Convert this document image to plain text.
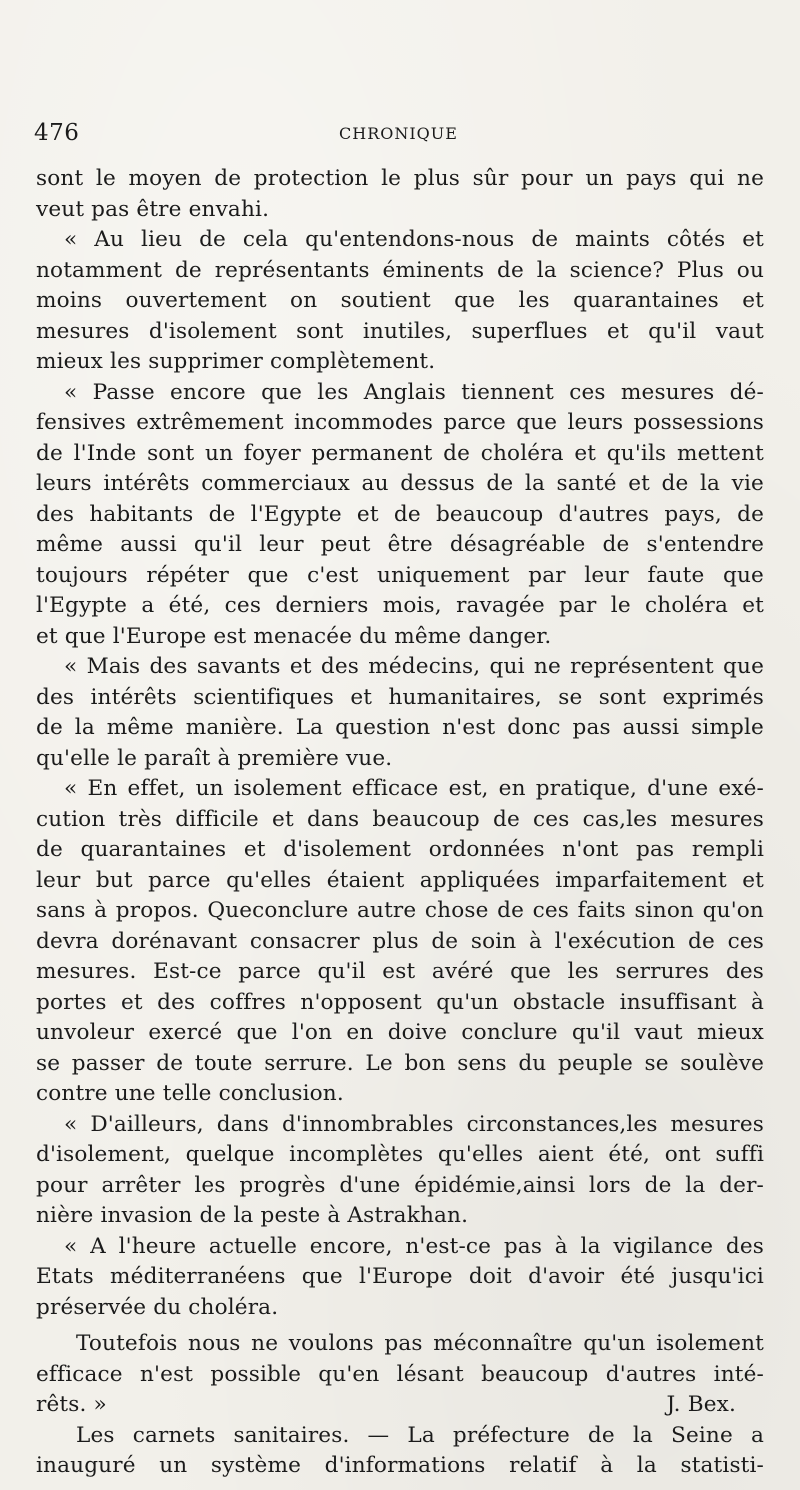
476	CHRONIQUE
sont le moyen de protection le plus sûr pour un pays qui ne
veut pas être envahi.
« Au lieu de cela qu'entendons-nous de maints côtés et
notamment de représentants éminents de la science? Plus ou
moins ouvertement on soutient que les quarantaines et
mesures d'isolement sont inutiles, superflues et qu'il vaut
mieux les supprimer complètement.
« Passe encore que les Anglais tiennent ces mesures dé-
fensives extrêmement incommodes parce que leurs possessions
de l'Inde sont un foyer permanent de choléra et qu'ils mettent
leurs intérêts commerciaux au dessus de la santé et de la vie
des habitants de l'Egypte et de beaucoup d'autres pays, de
même aussi qu'il leur peut être désagréable de s'entendre
toujours répéter que c'est uniquement par leur faute que
l'Egypte a été, ces derniers mois, ravagée par le choléra et
et que l'Europe est menacée du même danger.
« Mais des savants et des médecins, qui ne représentent que
des intérêts scientifiques et humanitaires, se sont exprimés
de la même manière. La question n'est donc pas aussi simple
qu'elle le paraît à première vue.
« En effet, un isolement efficace est, en pratique, d'une exé-
cution très difficile et dans beaucoup de ces cas,les mesures
de quarantaines et d'isolement ordonnées n'ont pas rempli
leur but parce qu'elles étaient appliquées imparfaitement et
sans à propos. Queconclure autre chose de ces faits sinon qu'on
devra dorénavant consacrer plus de soin à l'exécution de ces
mesures. Est-ce parce qu'il est avéré que les serrures des
portes et des coffres n'opposent qu'un obstacle insuffisant à
unvoleur exercé que l'on en doive conclure qu'il vaut mieux
se passer de toute serrure. Le bon sens du peuple se soulève
contre une telle conclusion.
« D'ailleurs, dans d'innombrables circonstances,les mesures
d'isolement, quelque incomplètes qu'elles aient été, ont suffi
pour arrêter les progrès d'une épidémie,ainsi lors de la der-
nière invasion de la peste à Astrakhan.
« A l'heure actuelle encore, n'est-ce pas à la vigilance des
Etats méditerranéens que l'Europe doit d'avoir été jusqu'ici
préservée du choléra.
Toutefois nous ne voulons pas méconnaître qu'un isolement
efficace n'est possible qu'en lésant beaucoup d'autres inté-
rêts. »	J. Bex.
Les carnets sanitaires. — La préfecture de la Seine a
inauguré un système d'informations relatif à la statisti-
